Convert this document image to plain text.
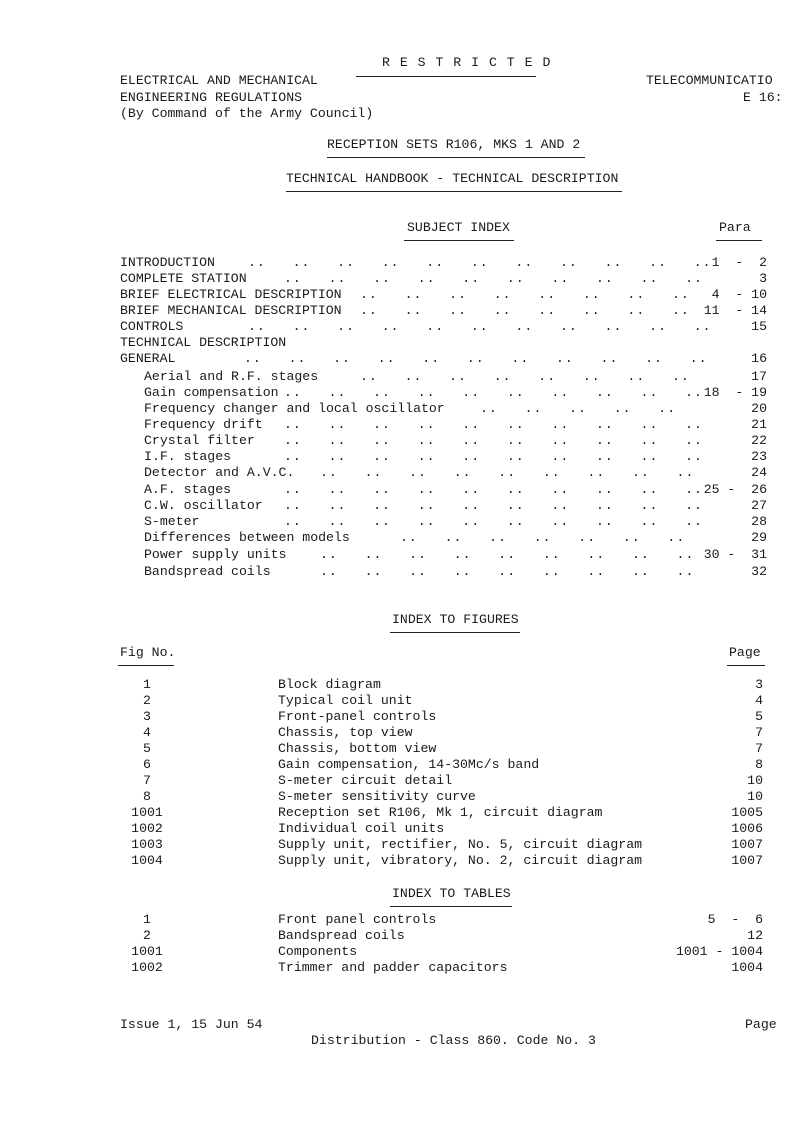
R E S T R I C T E D
ELECTRICAL AND MECHANICAL
ENGINEERING REGULATIONS
(By Command of the Army Council)
TELECOMMUNICATIO
E 16:
RECEPTION SETS R106, MKS 1 AND 2
TECHNICAL HANDBOOK - TECHNICAL DESCRIPTION
SUBJECT INDEX	Para
INTRODUCTION	..   ..   ..   ..   ..   ..   ..   ..   ..   ..   .. 1  -  2
COMPLETE STATION	..   ..   ..   ..   ..   ..   ..   ..   ..   ..	3
BRIEF ELECTRICAL DESCRIPTION ..   ..   ..   ..   ..   ..   ..   .. 4  - 10
BRIEF MECHANICAL DESCRIPTION ..   ..   ..   ..   ..   ..   ..   .. 11  - 14
CONTROLS	..   ..   ..   ..   ..   ..   ..   ..   ..   ..   ..	15
TECHNICAL DESCRIPTION
GENERAL	..   ..   ..   ..   ..   ..   ..   ..   ..   ..   ..	16
Aerial and R.F. stages	..   ..   ..   ..   ..   ..   ..   ..	17
Gain compensation ..   ..   ..   ..   ..   ..   ..   ..   ..   .. 18  - 19
Frequency changer and local oscillator	..   ..   ..   ..   ..	20
Frequency drift ..   ..   ..   ..   ..   ..   ..   ..   ..   ..	21
Crystal filter ..   ..   ..   ..   ..   ..   ..   ..   ..   ..	22
I.F. stages	..   ..   ..   ..   ..   ..   ..   ..   ..   ..	23
Detector and A.V.C. ..   ..   ..   ..   ..   ..   ..   ..   ..	24
A.F. stages	..   ..   ..   ..   ..   ..   ..   ..   ..   .. 25 -  26
C.W. oscillator ..   ..   ..   ..   ..   ..   ..   ..   ..   ..	27
S-meter	..   ..   ..   ..   ..   ..   ..   ..   ..   ..	28
Differences between models	..   ..   ..   ..   ..   ..   ..	29
Power supply units	..   ..   ..   ..   ..   ..   ..   ..   .. 30 -  31
Bandspread coils	..   ..   ..   ..   ..   ..   ..   ..   ..	32
INDEX TO FIGURES
Fig No.	Page
1	Block diagram	3
2	Typical coil unit	4
3	Front-panel controls	5
4	Chassis, top view	7
5	Chassis, bottom view	7
6	Gain compensation, 14-30Mc/s band	8
7	S-meter circuit detail	10
8	S-meter sensitivity curve	10
1001	Reception set R106, Mk 1, circuit diagram	1005
1002	Individual coil units	1006
1003	Supply unit, rectifier, No. 5, circuit diagram	1007
1004	Supply unit, vibratory, No. 2, circuit diagram	1007
INDEX TO TABLES
1	Front panel controls	5  -  6
2	Bandspread coils	12
1001	Components	1001 - 1004
1002	Trimmer and padder capacitors	1004
Issue 1, 15 Jun 54	Page
Distribution - Class 860. Code No. 3
